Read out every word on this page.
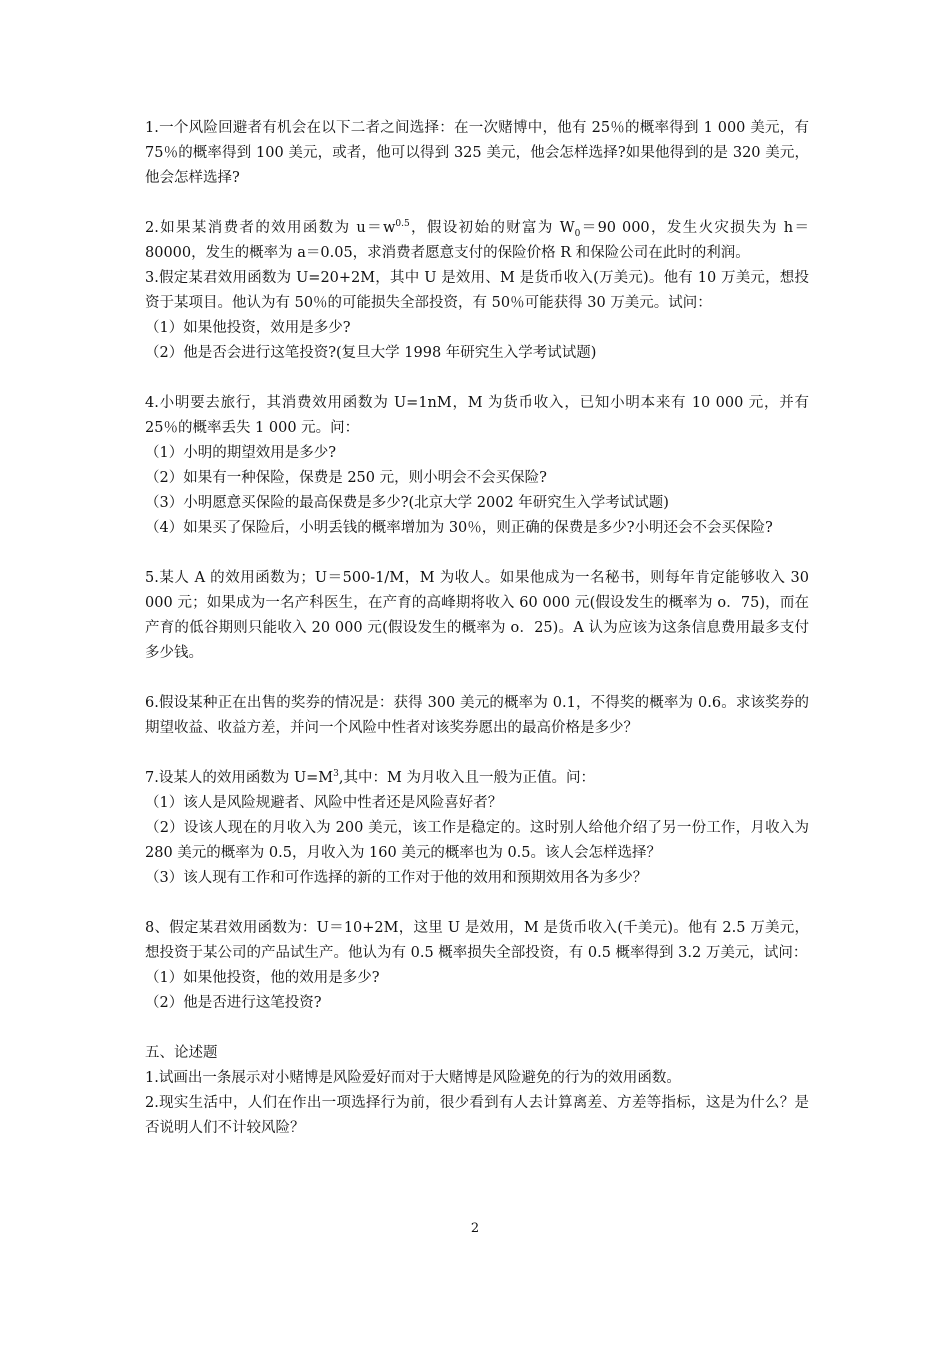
1.一个风险回避者有机会在以下二者之间选择：在一次赌博中，他有 25％的概率得到 1 000 美元，有 75％的概率得到 100 美元，或者，他可以得到 325 美元，他会怎样选择?如果他得到的是 320 美元，他会怎样选择?

2.如果某消费者的效用函数为 $u=w^{0.5}$，假设初始的财富为 $W_0=90$ 000，发生火灾损失为 h＝80000，发生的概率为 a＝0.05，求消费者愿意支付的保险价格 R 和保险公司在此时的利润。

3.假定某君效用函数为 U=20+2M，其中 U 是效用、M 是货币收入(万美元)。他有 10 万美元，想投资于某项目。他认为有 50％的可能损失全部投资，有 50％可能获得 30 万美元。试问：

（1）如果他投资，效用是多少?

（2）他是否会进行这笔投资?(复旦大学 1998 年研究生入学考试试题)

4.小明要去旅行，其消费效用函数为 U=1nM，M 为货币收入，已知小明本来有 10 000 元，并有 25％的概率丢失 1 000 元。问：

（1）小明的期望效用是多少?

（2）如果有一种保险，保费是 250 元，则小明会不会买保险?

（3）小明愿意买保险的最高保费是多少?(北京大学 2002 年研究生入学考试试题)

（4）如果买了保险后，小明丢钱的概率增加为 30％，则正确的保费是多少?小明还会不会买保险?

5.某人 A 的效用函数为；U＝500-1/M，M 为收人。如果他成为一名秘书，则每年肯定能够收入 30 000 元；如果成为一名产科医生，在产育的高峰期将收入 60 000 元(假设发生的概率为 o．75)，而在产育的低谷期则只能收入 20 000 元(假设发生的概率为 o．25)。A 认为应该为这条信息费用最多支付多少钱。

6.假设某种正在出售的奖券的情况是：获得 300 美元的概率为 0.1，不得奖的概率为 0.6。求该奖券的期望收益、收益方差，并问一个风险中性者对该奖券愿出的最高价格是多少？

7.设某人的效用函数为 $U=M^3$,其中：M 为月收入且一般为正值。问：

（1）该人是风险规避者、风险中性者还是风险喜好者？

（2）设该人现在的月收入为 200 美元，该工作是稳定的。这时别人给他介绍了另一份工作，月收入为 280 美元的概率为 0.5，月收入为 160 美元的概率也为 0.5。该人会怎样选择？

（3）该人现有工作和可作选择的新的工作对于他的效用和预期效用各为多少？

8、假定某君效用函数为：U＝10+2M，这里 U 是效用，M 是货币收入(千美元)。他有 2.5 万美元，想投资于某公司的产品试生产。他认为有 0.5 概率损失全部投资，有 0.5 概率得到 3.2 万美元，试问：

（1）如果他投资，他的效用是多少?

（2）他是否进行这笔投资?

五、论述题

1.试画出一条展示对小赌博是风险爱好而对于大赌博是风险避免的行为的效用函数。

2.现实生活中，人们在作出一项选择行为前，很少看到有人去计算离差、方差等指标，这是为什么？是否说明人们不计较风险？

2
